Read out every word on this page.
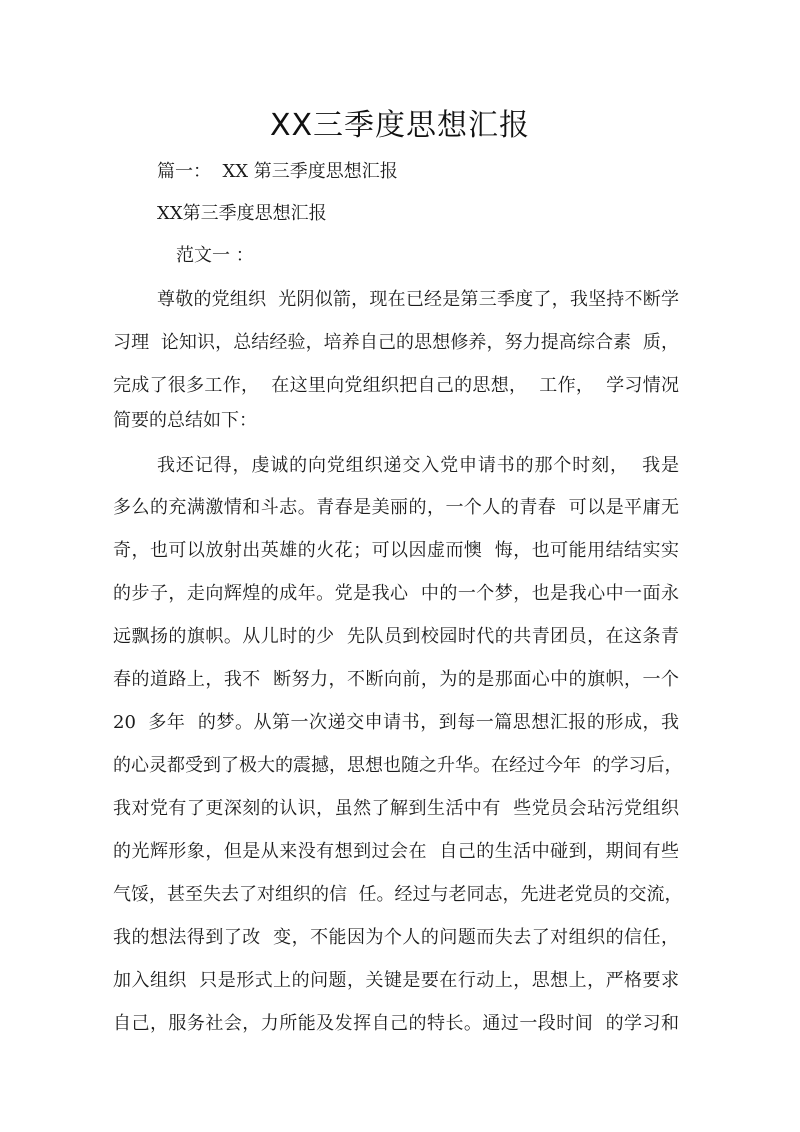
XX三季度思想汇报
篇一：  XX 第三季度思想汇报
XX第三季度思想汇报
范文一 ：
尊敬的党组织  光阴似箭，现在已经是第三季度了，我坚持不断学
习理  论知识，总结经验，培养自己的思想修养，努力提高综合素  质，
完成了很多工作，  在这里向党组织把自己的思想，  工作，  学习情况
简要的总结如下：
我还记得，虔诚的向党组织递交入党申请书的那个时刻，  我是
多么的充满激情和斗志。青春是美丽的，一个人的青春  可以是平庸无
奇，也可以放射出英雄的火花；可以因虚而懊  悔，也可能用结结实实
的步子，走向辉煌的成年。党是我心  中的一个梦，也是我心中一面永
远飘扬的旗帜。从儿时的少  先队员到校园时代的共青团员，在这条青
春的道路上，我不  断努力，不断向前，为的是那面心中的旗帜，一个
20  多年  的梦。从第一次递交申请书，到每一篇思想汇报的形成，我
的心灵都受到了极大的震撼，思想也随之升华。在经过今年  的学习后，
我对党有了更深刻的认识，虽然了解到生活中有  些党员会玷污党组织
的光辉形象，但是从来没有想到过会在  自己的生活中碰到，期间有些
气馁，甚至失去了对组织的信  任。经过与老同志，先进老党员的交流，
我的想法得到了改  变，不能因为个人的问题而失去了对组织的信任，
加入组织  只是形式上的问题，关键是要在行动上，思想上，严格要求
自己，服务社会，力所能及发挥自己的特长。通过一段时间  的学习和
